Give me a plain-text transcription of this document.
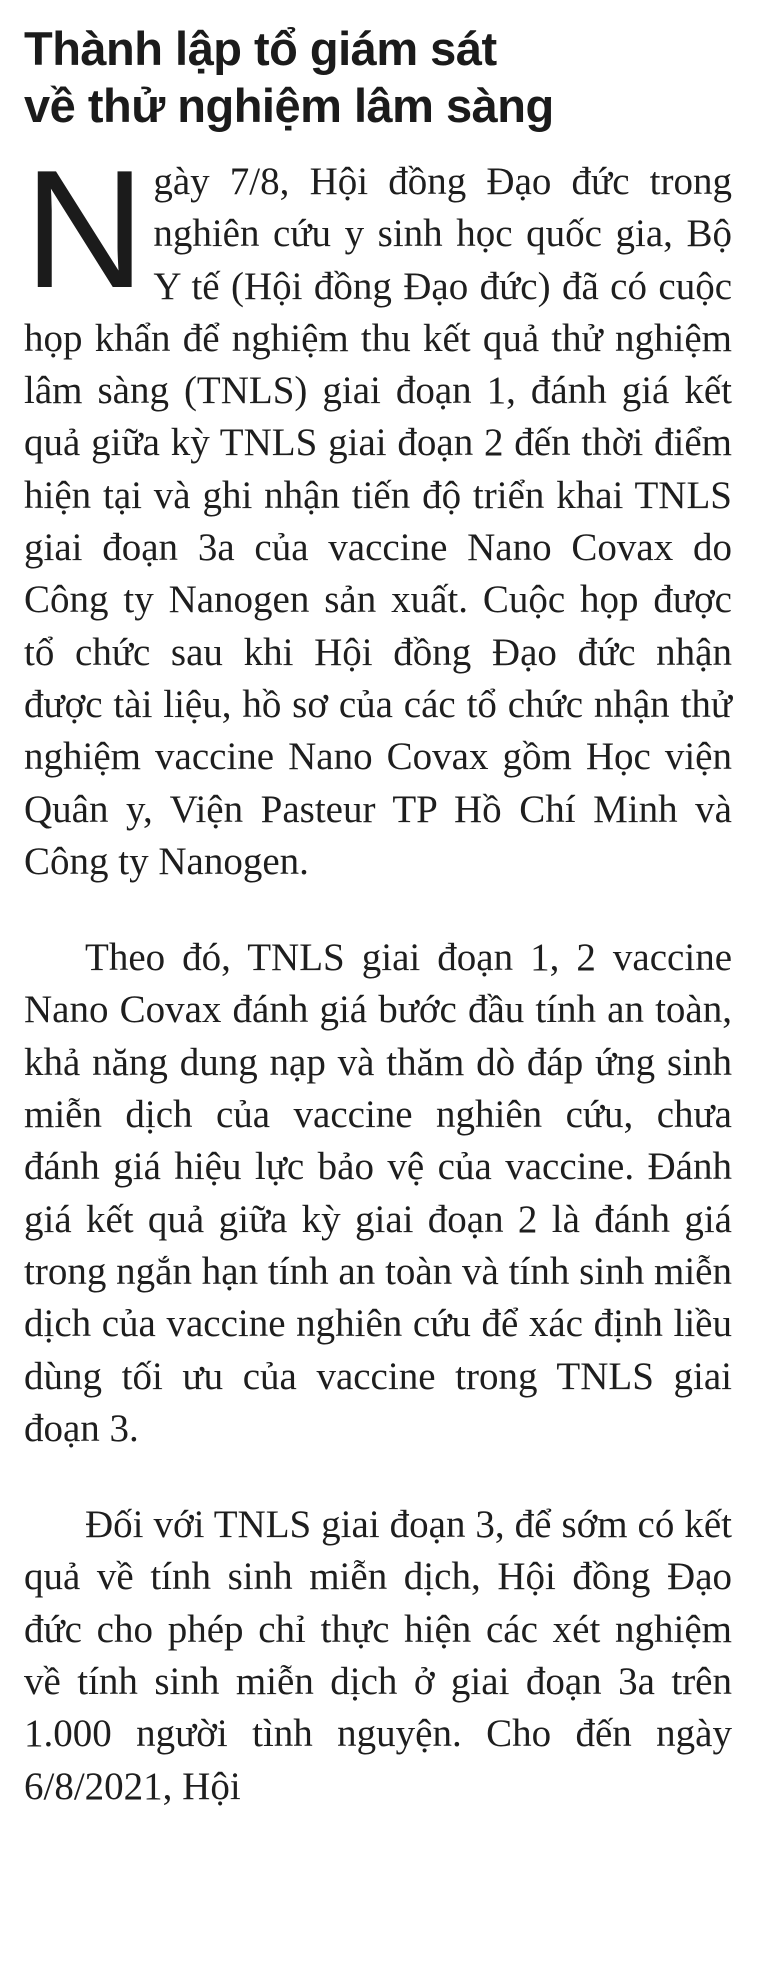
Thành lập tổ giám sát
về thử nghiệm lâm sàng

Ngày 7/8, Hội đồng Đạo đức trong nghiên cứu y sinh học quốc gia, Bộ Y tế (Hội đồng Đạo đức) đã có cuộc họp khẩn để nghiệm thu kết quả thử nghiệm lâm sàng (TNLS) giai đoạn 1, đánh giá kết quả giữa kỳ TNLS giai đoạn 2 đến thời điểm hiện tại và ghi nhận tiến độ triển khai TNLS giai đoạn 3a của vaccine Nano Covax do Công ty Nanogen sản xuất. Cuộc họp được tổ chức sau khi Hội đồng Đạo đức nhận được tài liệu, hồ sơ của các tổ chức nhận thử nghiệm vaccine Nano Covax gồm Học viện Quân y, Viện Pasteur TP Hồ Chí Minh và Công ty Nanogen.

Theo đó, TNLS giai đoạn 1, 2 vaccine Nano Covax đánh giá bước đầu tính an toàn, khả năng dung nạp và thăm dò đáp ứng sinh miễn dịch của vaccine nghiên cứu, chưa đánh giá hiệu lực bảo vệ của vaccine. Đánh giá kết quả giữa kỳ giai đoạn 2 là đánh giá trong ngắn hạn tính an toàn và tính sinh miễn dịch của vaccine nghiên cứu để xác định liều dùng tối ưu của vaccine trong TNLS giai đoạn 3.

Đối với TNLS giai đoạn 3, để sớm có kết quả về tính sinh miễn dịch, Hội đồng Đạo đức cho phép chỉ thực hiện các xét nghiệm về tính sinh miễn dịch ở giai đoạn 3a trên 1.000 người tình nguyện. Cho đến ngày 6/8/2021, Hội
